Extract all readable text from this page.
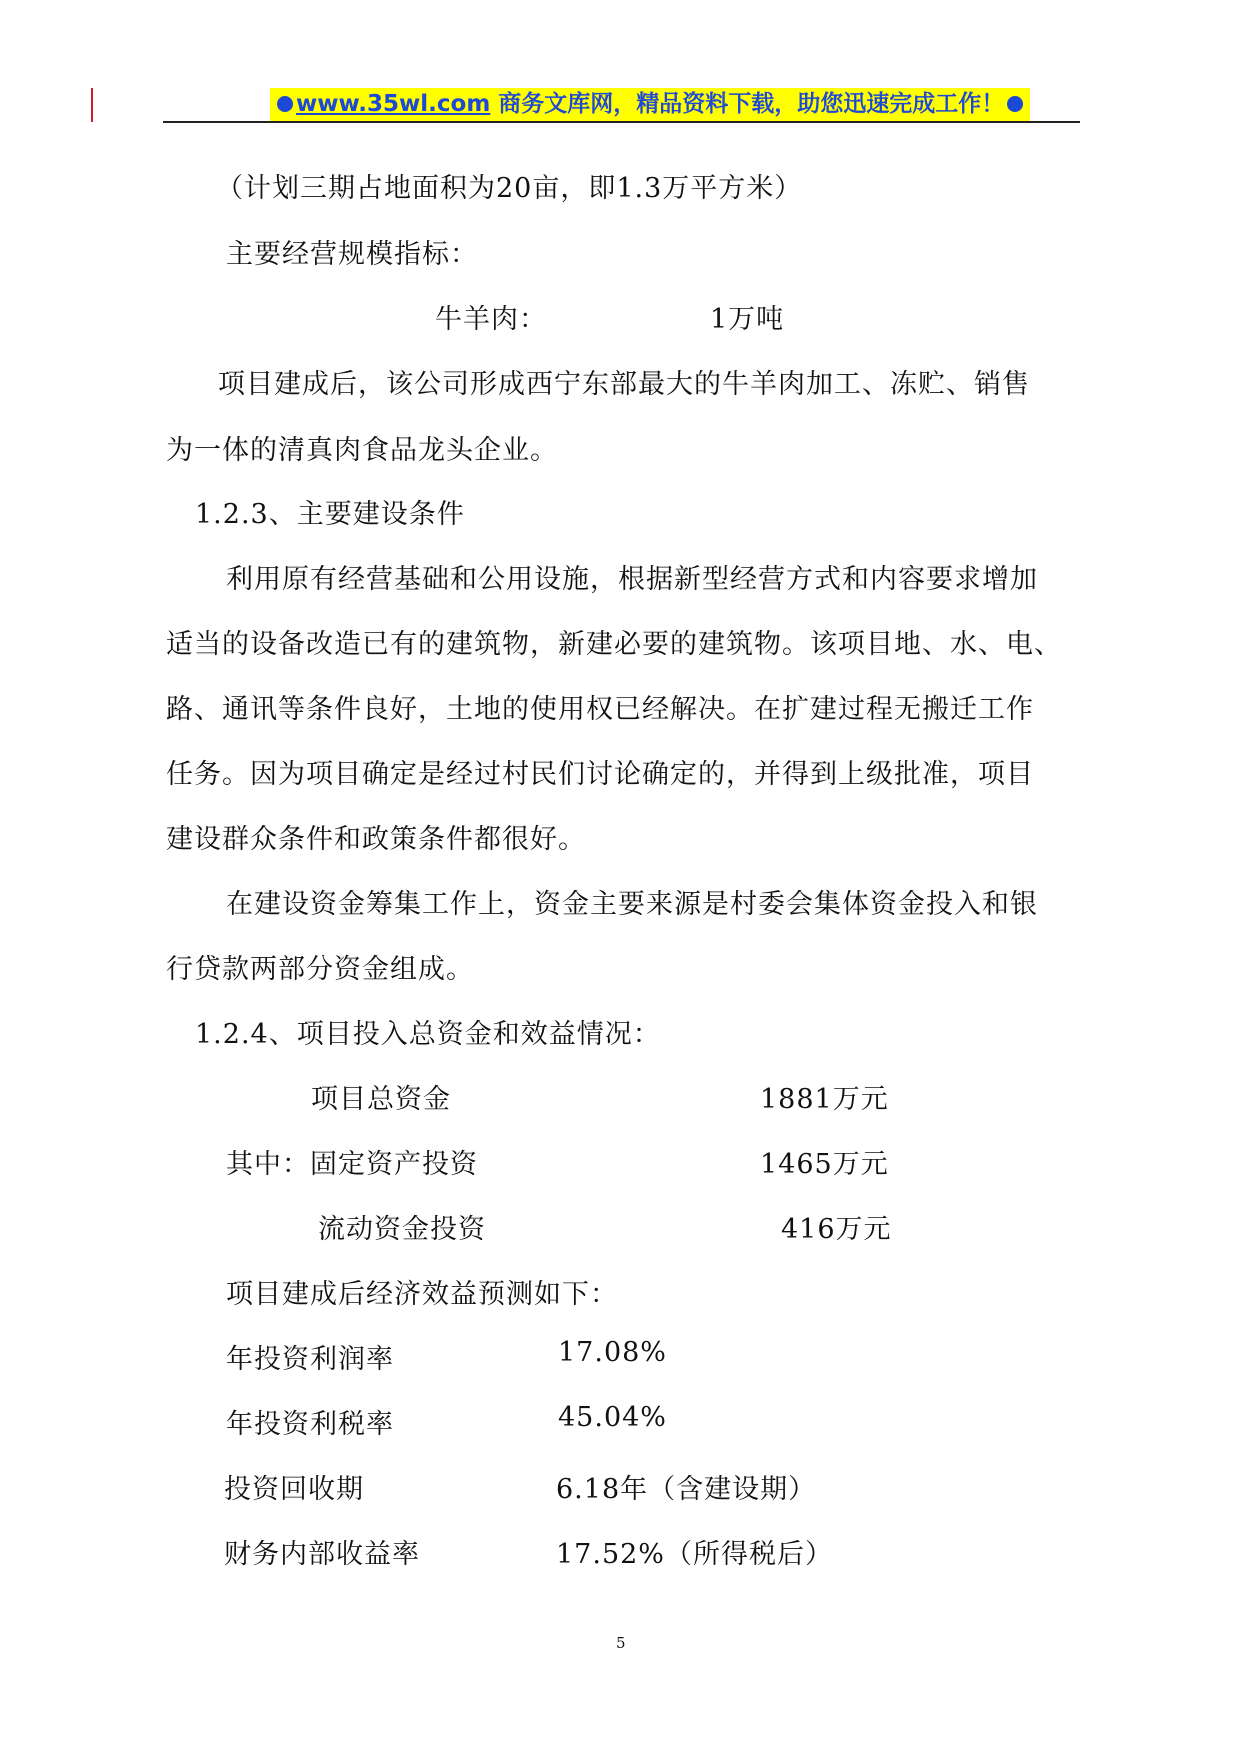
www.35wl.com 商务文库网，精品资料下载，助您迅速完成工作！
（计划三期占地面积为20亩，即1.3万平方米）
主要经营规模指标：
牛羊肉：	1万吨
项目建成后，该公司形成西宁东部最大的牛羊肉加工、冻贮、销售
为一体的清真肉食品龙头企业。
1.2.3、主要建设条件
利用原有经营基础和公用设施，根据新型经营方式和内容要求增加
适当的设备改造已有的建筑物，新建必要的建筑物。该项目地、水、电、
路、通讯等条件良好，土地的使用权已经解决。在扩建过程无搬迁工作
任务。因为项目确定是经过村民们讨论确定的，并得到上级批准，项目
建设群众条件和政策条件都很好。
在建设资金筹集工作上，资金主要来源是村委会集体资金投入和银
行贷款两部分资金组成。
1.2.4、项目投入总资金和效益情况：
项目总资金	1881万元
其中：固定资产投资	1465万元
流动资金投资	416万元
项目建成后经济效益预测如下：
年投资利润率	17.08%
年投资利税率	45.04%
投资回收期	6.18年（含建设期）
财务内部收益率	17.52%（所得税后）
5
